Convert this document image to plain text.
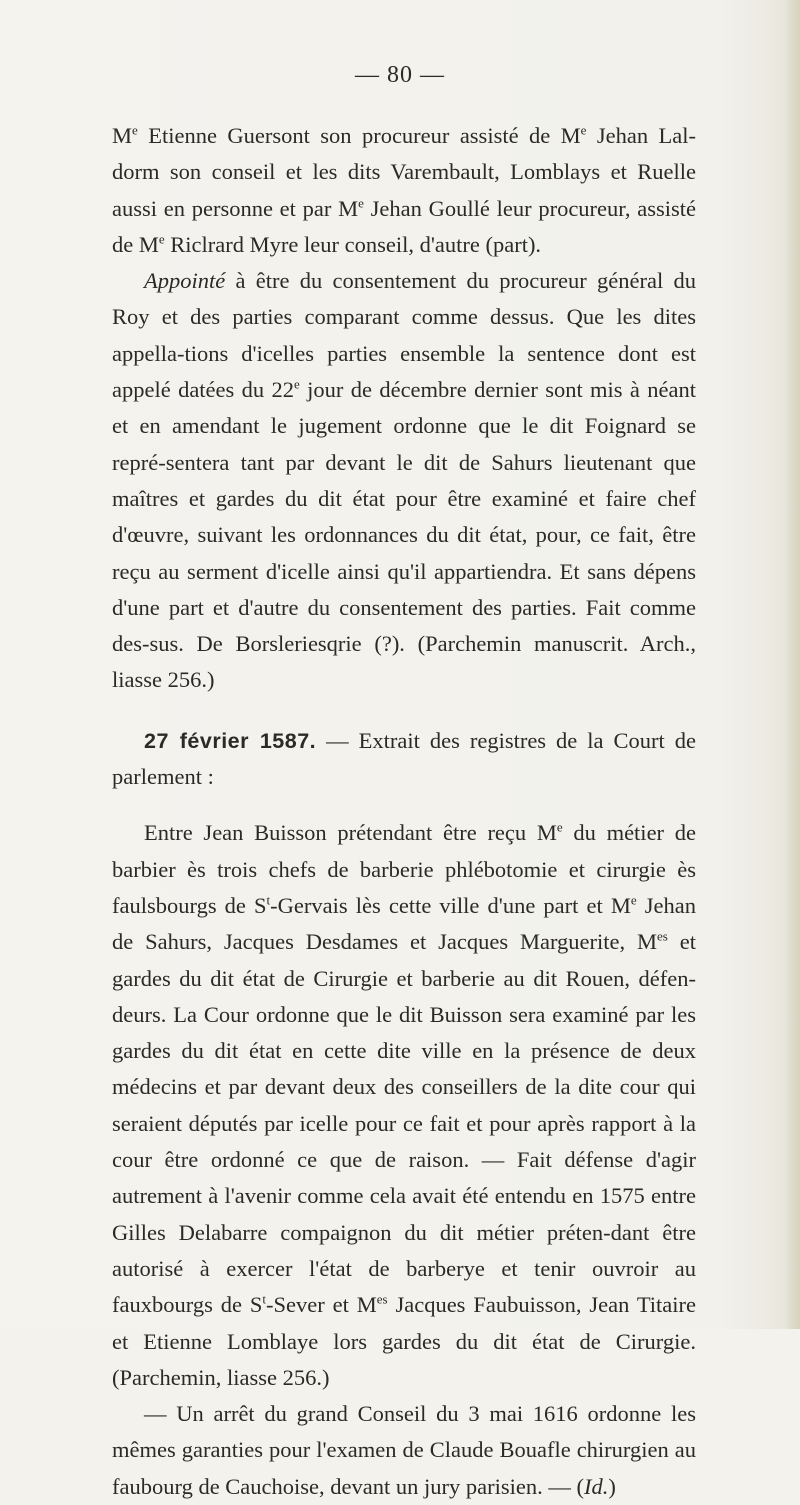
— 80 —

Me Etienne Guersont son procureur assisté de Me Jehan Lal-dorm son conseil et les dits Varembault, Lomblays et Ruelle aussi en personne et par Me Jehan Goullé leur procureur, assisté de Me Riclrard Myre leur conseil, d'autre (part).

Appointé à être du consentement du procureur général du Roy et des parties comparant comme dessus. Que les dites appella-tions d'icelles parties ensemble la sentence dont est appelé datées du 22e jour de décembre dernier sont mis à néant et en amendant le jugement ordonne que le dit Foignard se repré-sentera tant par devant le dit de Sahurs lieutenant que maîtres et gardes du dit état pour être examiné et faire chef d'œuvre, suivant les ordonnances du dit état, pour, ce fait, être reçu au serment d'icelle ainsi qu'il appartiendra. Et sans dépens d'une part et d'autre du consentement des parties. Fait comme des-sus. De Borsleriesqrie (?). (Parchemin manuscrit. Arch., liasse 256.)

27 février 1587. — Extrait des registres de la Court de parlement :

Entre Jean Buisson prétendant être reçu Me du métier de barbier ès trois chefs de barberie phlébotomie et cirurgie ès faulsbourgs de $S^t$-Gervais lès cette ville d'une part et Me Jehan de Sahurs, Jacques Desdames et Jacques Marguerite, $M^{es}$ et gardes du dit état de Cirurgie et barberie au dit Rouen, défen-deurs. La Cour ordonne que le dit Buisson sera examiné par les gardes du dit état en cette dite ville en la présence de deux médecins et par devant deux des conseillers de la dite cour qui seraient députés par icelle pour ce fait et pour après rapport à la cour être ordonné ce que de raison. — Fait défense d'agir autrement à l'avenir comme cela avait été entendu en 1575 entre Gilles Delabarre compaignon du dit métier préten-dant être autorisé à exercer l'état de barberye et tenir ouvroir au fauxbourgs de $S^t$-Sever et $M^{es}$ Jacques Faubuisson, Jean Titaire et Etienne Lomblaye lors gardes du dit état de Cirurgie. (Parchemin, liasse 256.)

— Un arrêt du grand Conseil du 3 mai 1616 ordonne les mêmes garanties pour l'examen de Claude Bouafle chirurgien au faubourg de Cauchoise, devant un jury parisien. — (Id.)
